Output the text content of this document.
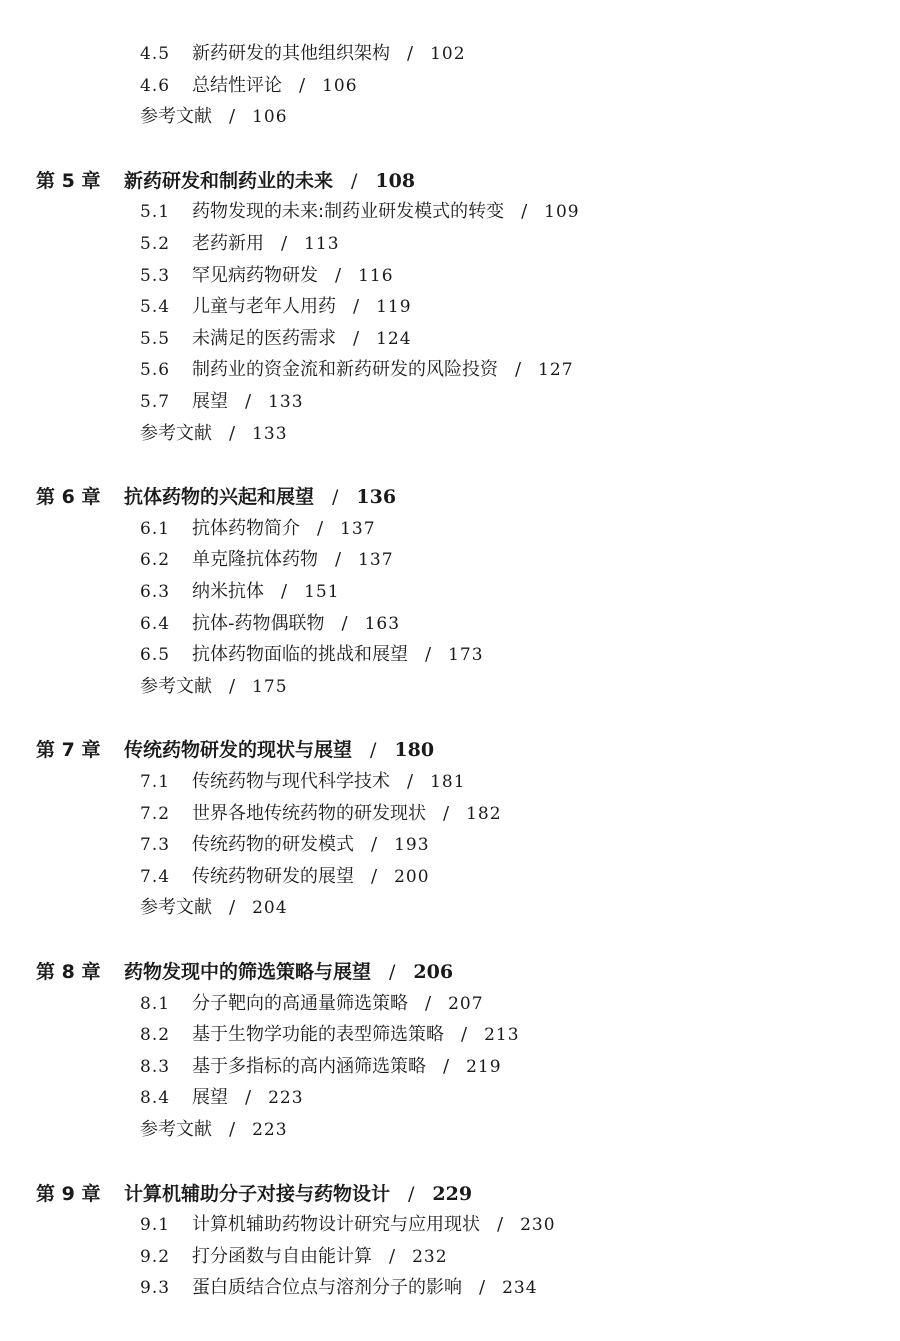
4.5 新药研发的其他组织架构 / 102
4.6 总结性评论 / 106
参考文献 / 106
第 5 章 新药研发和制药业的未来 / 108
5.1 药物发现的未来:制药业研发模式的转变 / 109
5.2 老药新用 / 113
5.3 罕见病药物研发 / 116
5.4 儿童与老年人用药 / 119
5.5 未满足的医药需求 / 124
5.6 制药业的资金流和新药研发的风险投资 / 127
5.7 展望 / 133
参考文献 / 133
第 6 章 抗体药物的兴起和展望 / 136
6.1 抗体药物简介 / 137
6.2 单克隆抗体药物 / 137
6.3 纳米抗体 / 151
6.4 抗体-药物偶联物 / 163
6.5 抗体药物面临的挑战和展望 / 173
参考文献 / 175
第 7 章 传统药物研发的现状与展望 / 180
7.1 传统药物与现代科学技术 / 181
7.2 世界各地传统药物的研发现状 / 182
7.3 传统药物的研发模式 / 193
7.4 传统药物研发的展望 / 200
参考文献 / 204
第 8 章 药物发现中的筛选策略与展望 / 206
8.1 分子靶向的高通量筛选策略 / 207
8.2 基于生物学功能的表型筛选策略 / 213
8.3 基于多指标的高内涵筛选策略 / 219
8.4 展望 / 223
参考文献 / 223
第 9 章 计算机辅助分子对接与药物设计 / 229
9.1 计算机辅助药物设计研究与应用现状 / 230
9.2 打分函数与自由能计算 / 232
9.3 蛋白质结合位点与溶剂分子的影响 / 234
